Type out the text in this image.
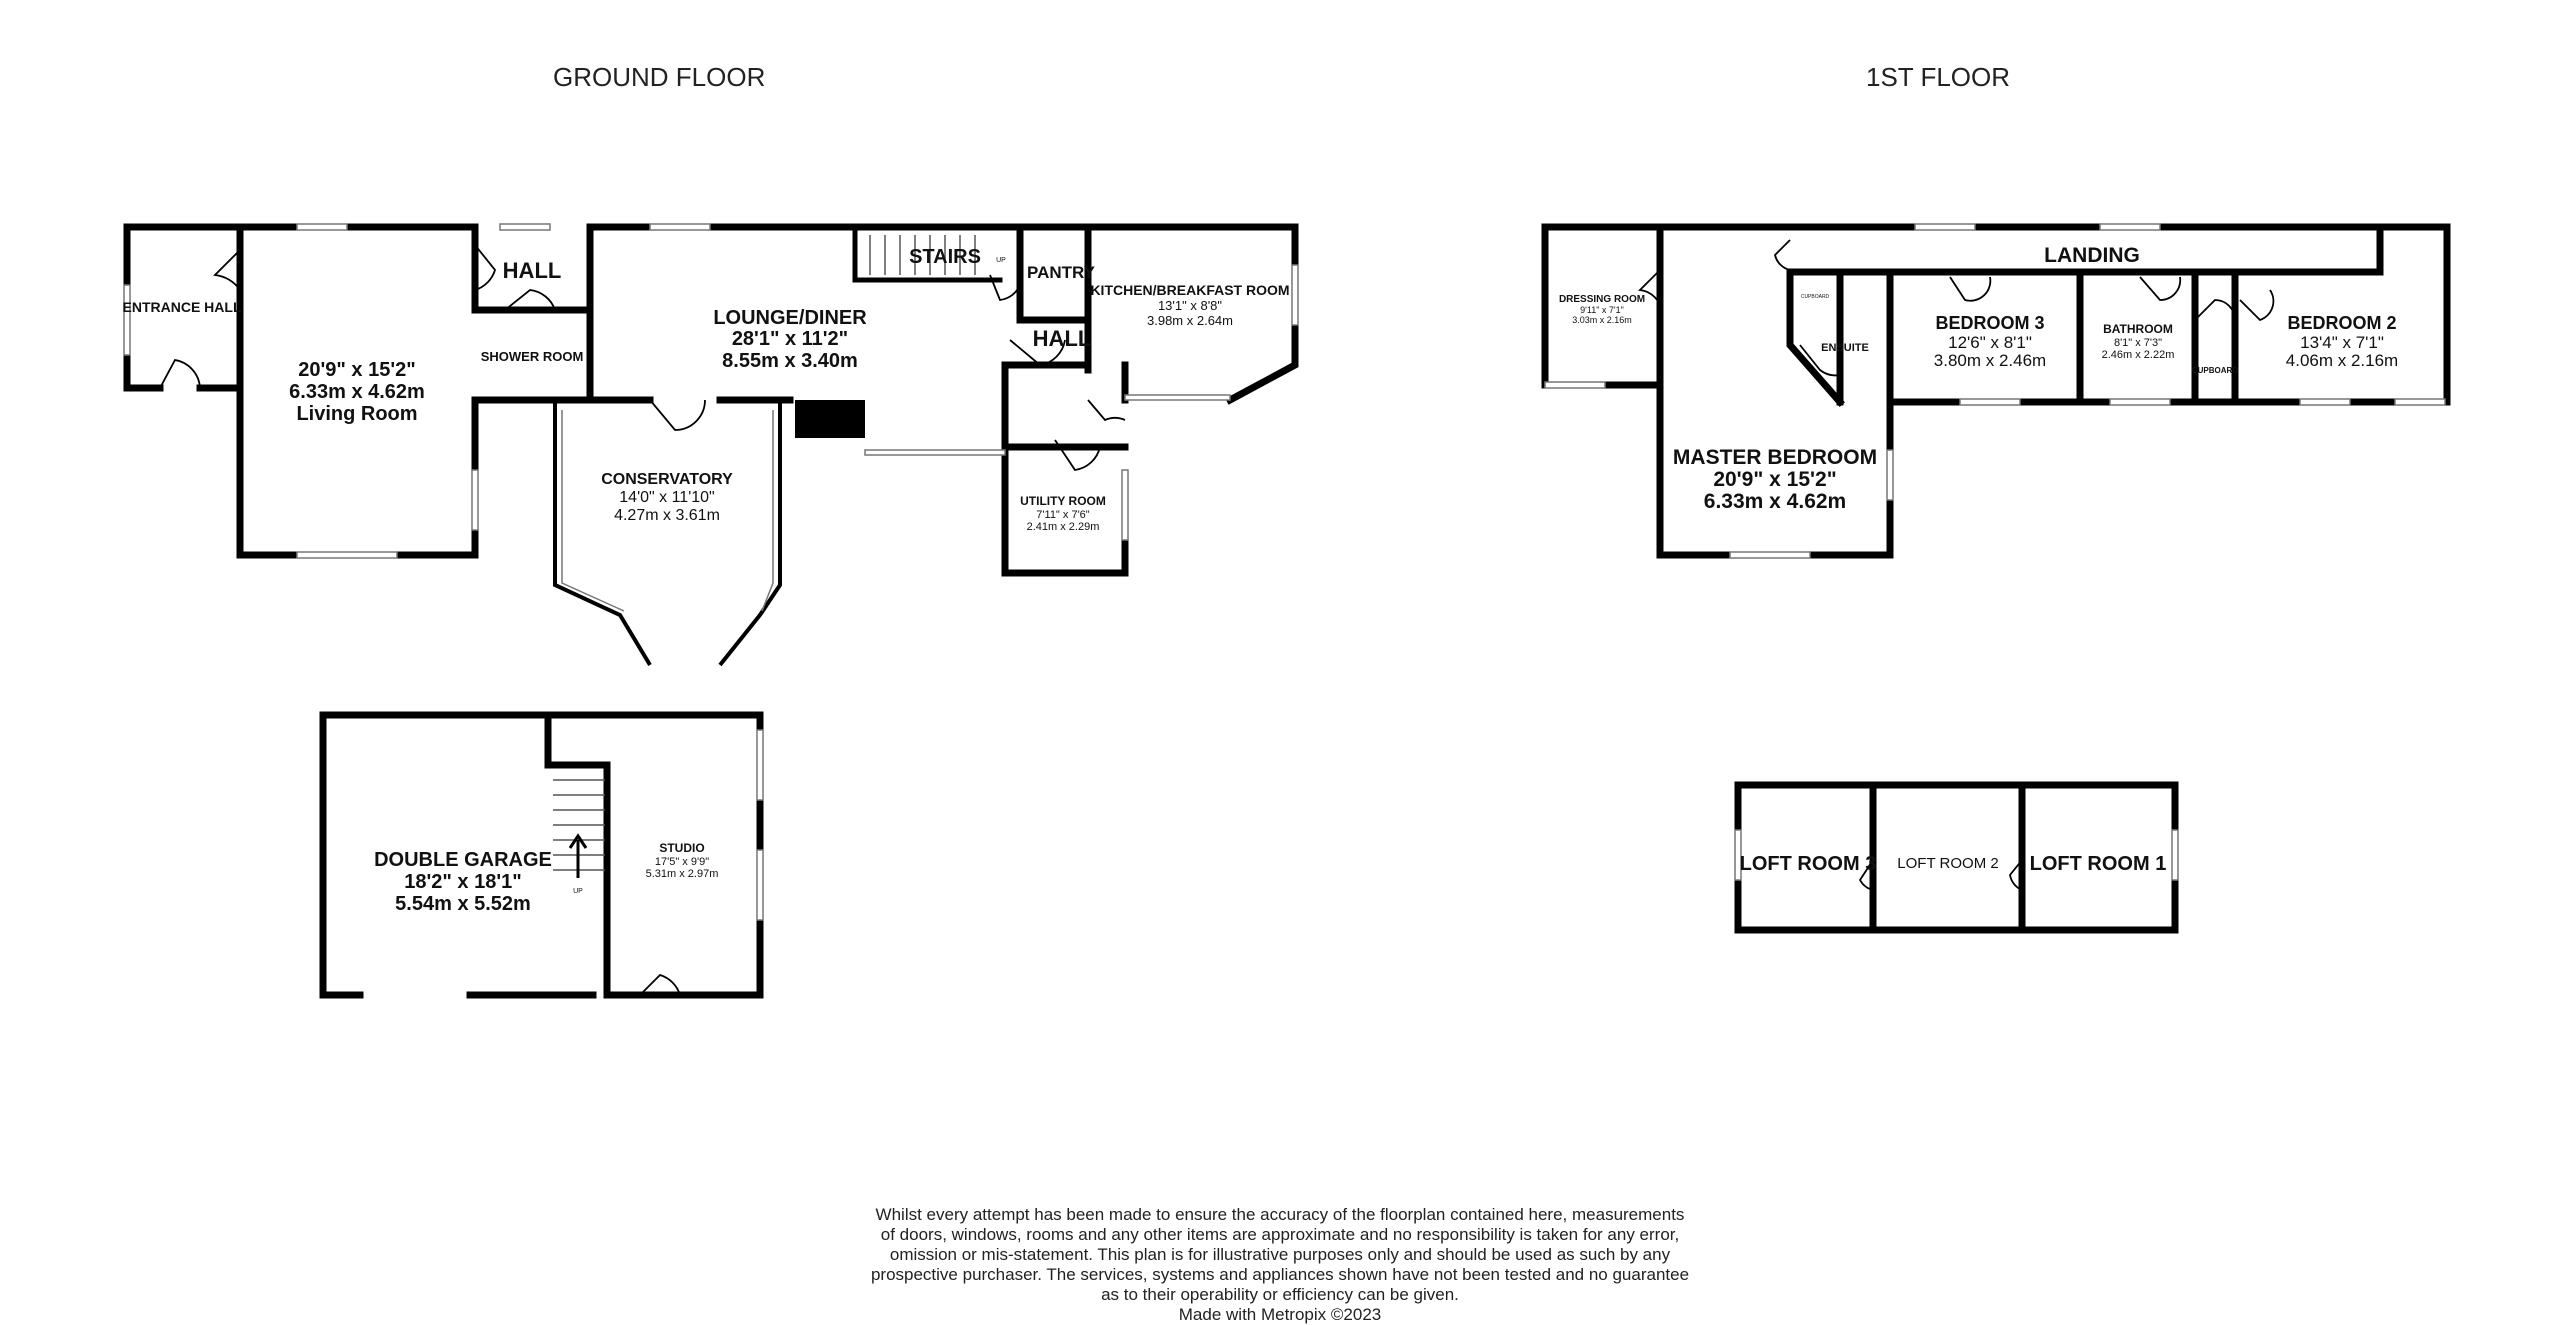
GROUND FLOOR	1ST FLOOR
ENTRANCE HALL
20'9" x 15'2"
6.33m x 4.62m
Living Room
HALL
SHOWER ROOM
LOUNGE/DINER
28'1" x 11'2"
8.55m x 3.40m
STAIRS UP
PANTRY
HALL
KITCHEN/BREAKFAST ROOM
13'1" x 8'8"
3.98m x 2.64m
CONSERVATORY
14'0" x 11'10"
4.27m x 3.61m
UTILITY ROOM
7'11" x 7'6"
2.41m x 2.29m
DOUBLE GARAGE
18'2" x 18'1"
5.54m x 5.52m
UP
STUDIO
17'5" x 9'9"
5.31m x 2.97m
DRESSING ROOM
9'11" x 7'1"
3.03m x 2.16m
LANDING
ENSUITE
CUPBOARD
BEDROOM 3
12'6" x 8'1"
3.80m x 2.46m
BATHROOM
8'1" x 7'3"
2.46m x 2.22m
CUPBOARD
BEDROOM 2
13'4" x 7'1"
4.06m x 2.16m
MASTER BEDROOM
20'9" x 15'2"
6.33m x 4.62m
LOFT ROOM 3 LOFT ROOM 2 LOFT ROOM 1
Whilst every attempt has been made to ensure the accuracy of the floorplan contained here, measurements
of doors, windows, rooms and any other items are approximate and no responsibility is taken for any error,
omission or mis-statement. This plan is for illustrative purposes only and should be used as such by any
prospective purchaser. The services, systems and appliances shown have not been tested and no guarantee
as to their operability or efficiency can be given.
Made with Metropix ©2023
